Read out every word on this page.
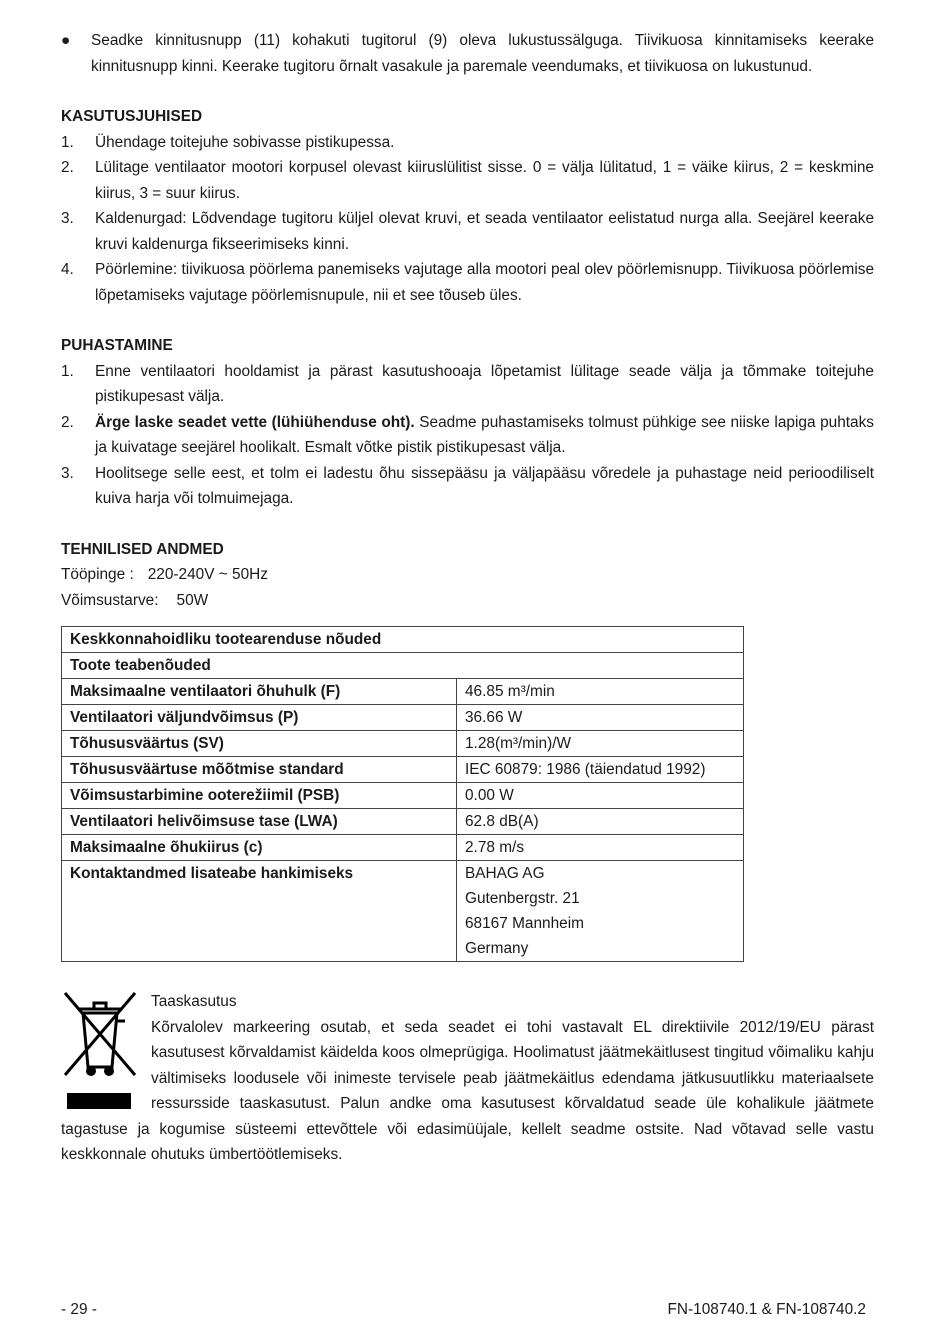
● Seadke kinnitusnupp (11) kohakuti tugitorul (9) oleva lukustussälguga. Tiivikuosa kinnitamiseks keerake kinnitusnupp kinni. Keerake tugitoru õrnalt vasakule ja paremale veendumaks, et tiivikuosa on lukustunud.

KASUTUSJUHISED

1. Ühendage toitejuhe sobivasse pistikupessa.
2. Lülitage ventilaator mootori korpusel olevast kiiruslülitist sisse. 0 = välja lülitatud, 1 = väike kiirus, 2 = keskmine kiirus, 3 = suur kiirus.
3. Kaldenurgad: Lõdvendage tugitoru küljel olevat kruvi, et seada ventilaator eelistatud nurga alla. Seejärel keerake kruvi kaldenurga fikseerimiseks kinni.
4. Pöörlemine: tiivikuosa pöörlema panemiseks vajutage alla mootori peal olev pöörlemisnupp. Tiivikuosa pöörlemise lõpetamiseks vajutage pöörlemisnupule, nii et see tõuseb üles.

PUHASTAMINE

1. Enne ventilaatori hooldamist ja pärast kasutushooaja lõpetamist lülitage seade välja ja tõmmake toitejuhe pistikupesast välja.
2. Ärge laske seadet vette (lühiühenduse oht). Seadme puhastamiseks tolmust pühkige see niiske lapiga puhtaks ja kuivatage seejärel hoolikalt. Esmalt võtke pistik pistikupesast välja.
3. Hoolitsege selle eest, et tolm ei ladestu õhu sissepääsu ja väljapääsu võredele ja puhastage neid perioodiliselt kuiva harja või tolmuimejaga.

TEHNILISED ANDMED

Tööpinge : 220-240V ~ 50Hz
Võimsustarve: 50W
Keskkonnahoidliku tootearenduse nõuded	
Toote teabenõuded	
Maksimaalne ventilaatori õhuhulk (F)	46.85 m³/min
Ventilaatori väljundvõimsus (P)	36.66 W
Tõhususväärtus (SV)	1.28(m³/min)/W
Tõhususväärtuse mõõtmise standard	IEC 60879: 1986 (täiendatud 1992)
Võimsustarbimine ooterežiimil (PSB)	0.00 W
Ventilaatori helivõimsuse tase (LWA)	62.8 dB(A)
Maksimaalne õhukiirus (c)	2.78 m/s
Kontaktandmed lisateabe hankimiseks	BAHAG AG
Gutenbergstr. 21
68167 Mannheim
Germany

Taaskasutus

Kõrvalolev markeering osutab, et seda seadet ei tohi vastavalt EL direktiivile 2012/19/EU pärast kasutusest kõrvaldamist käidelda koos olmeprügiga. Hoolimatust jäätmekäitlusest tingitud võimaliku kahju vältimiseks loodusele või inimeste tervisele peab jäätmekäitlus edendama jätkusuutlikku materiaalsete ressursside taaskasutust. Palun andke oma kasutusest kõrvaldatud seade üle kohalikule jäätmete tagastuse ja kogumise süsteemi ettevõttele või edasimüüjale, kellelt seadme ostsite. Nad võtavad selle vastu keskkonnale ohutuks ümbertöötlemiseks.

- 29 -	FN-108740.1 & FN-108740.2
